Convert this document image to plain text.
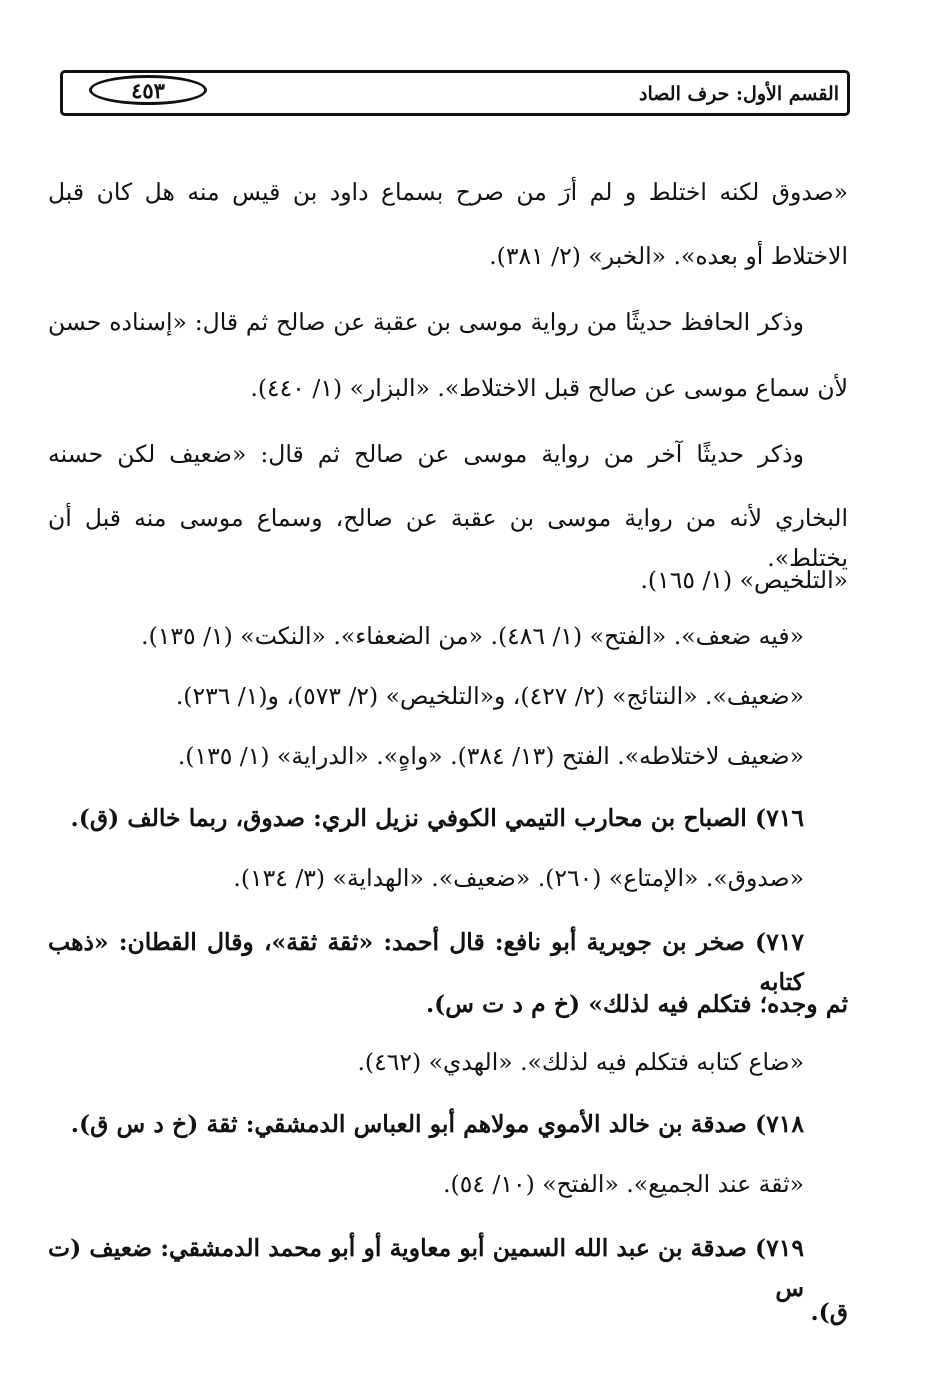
٤٥٣	القسم الأول: حرف الصاد
«صدوق لكنه اختلط و لم أرَ من صرح بسماع داود بن قيس منه هل كان قبل
الاختلاط أو بعده». «الخبر» (٢/ ٣٨١).
وذكر الحافظ حديثًا من رواية موسى بن عقبة عن صالح ثم قال: «إسناده حسن
لأن سماع موسى عن صالح قبل الاختلاط». «البزار» (١/ ٤٤٠).
وذكر حديثًا آخر من رواية موسى عن صالح ثم قال: «ضعيف لكن حسنه
البخاري لأنه من رواية موسى بن عقبة عن صالح، وسماع موسى منه قبل أن يختلط».
«التلخيص» (١/ ١٦٥).
«فيه ضعف». «الفتح» (١/ ٤٨٦). «من الضعفاء». «النكت» (١/ ١٣٥).
«ضعيف». «النتائج» (٢/ ٤٢٧)، و«التلخيص» (٢/ ٥٧٣)، و(١/ ٢٣٦).
«ضعيف لاختلاطه». الفتح (١٣/ ٣٨٤). «واهٍ». «الدراية» (١/ ١٣٥).
٧١٦) الصباح بن محارب التيمي الكوفي نزيل الري: صدوق، ربما خالف (ق).
«صدوق». «الإمتاع» (٢٦٠). «ضعيف». «الهداية» (٣/ ١٣٤).
٧١٧) صخر بن جويرية أبو نافع: قال أحمد: «ثقة ثقة»، وقال القطان: «ذهب كتابه
ثم وجده؛ فتكلم فيه لذلك» (خ م د ت س).
«ضاع كتابه فتكلم فيه لذلك». «الهدي» (٤٦٢).
٧١٨) صدقة بن خالد الأموي مولاهم أبو العباس الدمشقي: ثقة (خ د س ق).
«ثقة عند الجميع». «الفتح» (١٠/ ٥٤).
٧١٩) صدقة بن عبد الله السمين أبو معاوية أو أبو محمد الدمشقي: ضعيف (ت س
ق).
